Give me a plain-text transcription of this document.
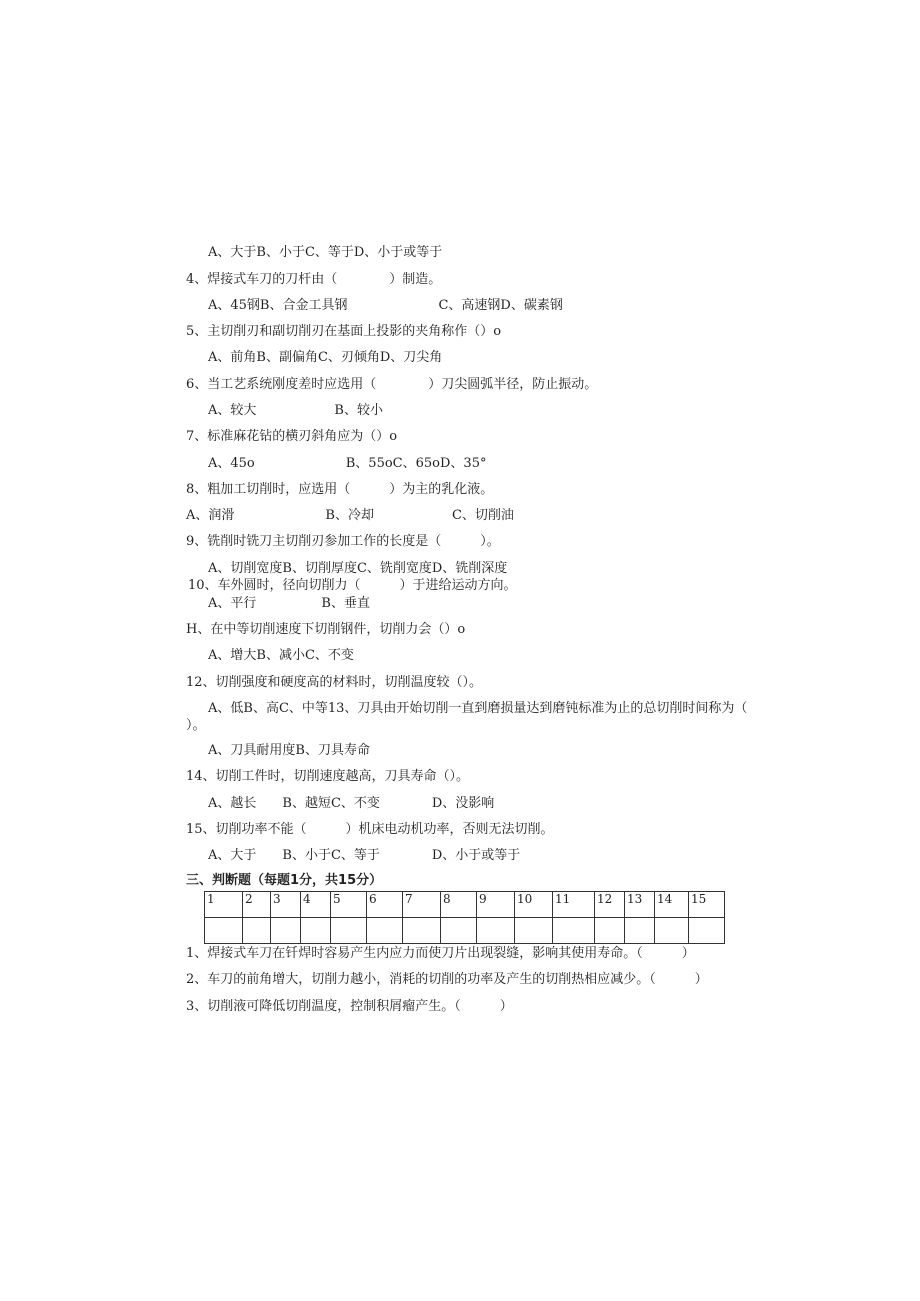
A、大于B、小于C、等于D、小于或等于
4、焊接式车刀的刀杆由（　　　　）制造。
A、45钢B、合金工具钢　　　　　　　C、高速钢D、碳素钢
5、主切削刃和副切削刃在基面上投影的夹角称作（）o
A、前角B、副偏角C、刃倾角D、刀尖角
6、当工艺系统刚度差时应选用（　　　　）刀尖圆弧半径，防止振动。
A、较大　　　　　　B、较小
7、标准麻花钻的横刃斜角应为（）o
A、45o　　　　　　　B、55oC、65oD、35°
8、粗加工切削时，应选用（　　　）为主的乳化液。
A、润滑　　　　　　　B、冷却　　　　　　C、切削油
9、铣削时铣刀主切削刃参加工作的长度是（　　　）。
A、切削宽度B、切削厚度C、铣削宽度D、铣削深度
10、车外圆时，径向切削力（　　　）于进给运动方向。
A、平行　　　　　B、垂直
H、在中等切削速度下切削钢件，切削力会（）o
A、增大B、减小C、不变
12、切削强度和硬度高的材料时，切削温度较（）。
A、低B、高C、中等13、刀具由开始切削一直到磨损量达到磨钝标准为止的总切削时间称为（
）。
A、刀具耐用度B、刀具寿命
14、切削工件时，切削速度越高，刀具寿命（）。
A、越长　　B、越短C、不变　　　　D、没影响
15、切削功率不能（　　　）机床电动机功率，否则无法切削。
A、大于　　B、小于C、等于　　　　D、小于或等于
三、判断题（每题1分，共15分）
1	2	3	4	5	6	7	8	9	10	11	12	13	14	15

1、焊接式车刀在钎焊时容易产生内应力而使刀片出现裂缝，影响其使用寿命。（　　　）
2、车刀的前角增大，切削力越小，消耗的切削的功率及产生的切削热相应减少。（　　　）
3、切削液可降低切削温度，控制积屑瘤产生。（　　　）
